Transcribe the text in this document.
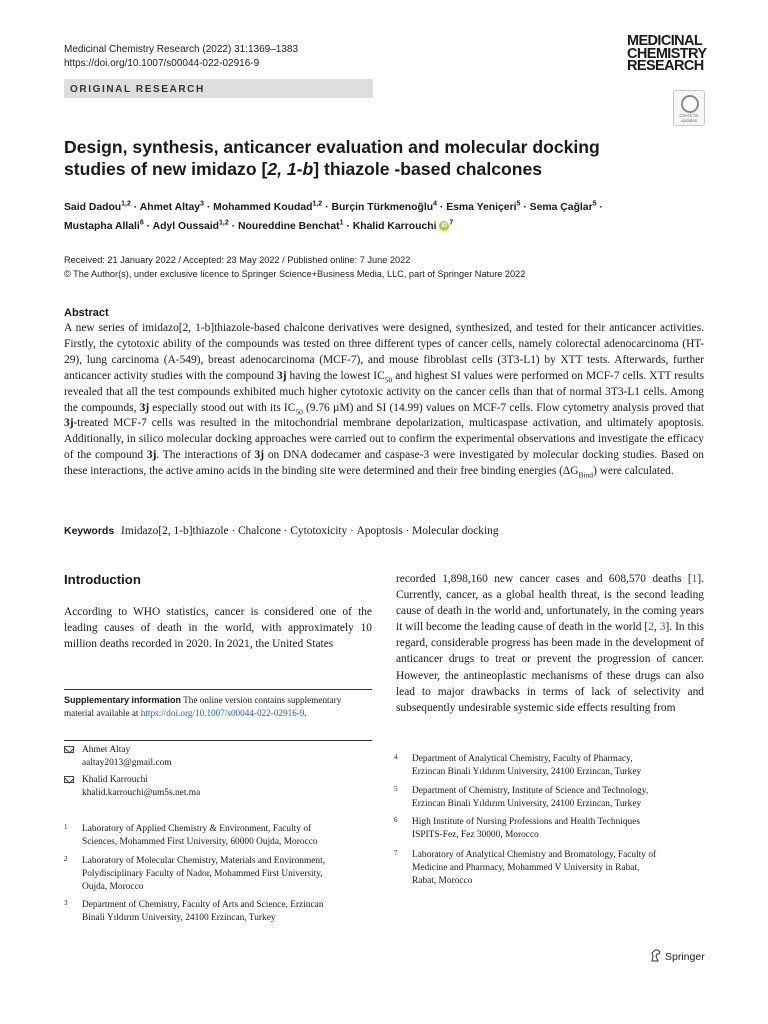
Medicinal Chemistry Research (2022) 31:1369–1383
https://doi.org/10.1007/s00044-022-02916-9
MEDICINAL
CHEMISTRY
RESEARCH
ORIGINAL RESEARCH
Check for updates
Design, synthesis, anticancer evaluation and molecular docking
studies of new imidazo [2, 1-b] thiazole -based chalcones
Said Dadou$^{1,2}$ · Ahmet Altay$^3$ · Mohammed Koudad$^{1,2}$ · Burçin Türkmenoğlu$^4$ · Esma Yeniçeri$^5$ · Sema Çağlar$^5$ ·
Mustapha Allali$^6$ · Adyl Oussaid$^{1,2}$ · Noureddine Benchat$^1$ · Khalid Karrouchi iD $^7$
Received: 21 January 2022 / Accepted: 23 May 2022 / Published online: 7 June 2022
© The Author(s), under exclusive licence to Springer Science+Business Media, LLC, part of Springer Nature 2022
Abstract
A new series of imidazo[2, 1-b]thiazole-based chalcone derivatives were designed, synthesized, and tested for their anticancer activities. Firstly, the cytotoxic ability of the compounds was tested on three different types of cancer cells, namely colorectal adenocarcinoma (HT-29), lung carcinoma (A-549), breast adenocarcinoma (MCF-7), and mouse fibroblast cells (3T3-L1) by XTT tests. Afterwards, further anticancer activity studies with the compound 3j having the lowest $IC_{50}$ and highest SI values were performed on MCF-7 cells. XTT results revealed that all the test compounds exhibited much higher cytotoxic activity on the cancer cells than that of normal 3T3-L1 cells. Among the compounds, 3j especially stood out with its $IC_{50}$ (9.76 µM) and SI (14.99) values on MCF-7 cells. Flow cytometry analysis proved that 3j-treated MCF-7 cells was resulted in the mitochondrial membrane depolarization, multicaspase activation, and ultimately apoptosis. Additionally, in silico molecular docking approaches were carried out to confirm the experimental observations and investigate the efficacy of the compound 3j. The interactions of 3j on DNA dodecamer and caspase-3 were investigated by molecular docking studies. Based on these interactions, the active amino acids in the binding site were determined and their free binding energies $(\Delta G_{Bind})$ were calculated.
Keywords Imidazo[2, 1-b]thiazole · Chalcone · Cytotoxicity · Apoptosis · Molecular docking
Introduction
According to WHO statistics, cancer is considered one of the leading causes of death in the world, with approximately 10 million deaths recorded in 2020. In 2021, the United States
recorded 1,898,160 new cancer cases and 608,570 deaths [1]. Currently, cancer, as a global health threat, is the second leading cause of death in the world and, unfortunately, in the coming years it will become the leading cause of death in the world [2, 3]. In this regard, considerable progress has been made in the development of anticancer drugs to treat or prevent the progression of cancer. However, the antineoplastic mechanisms of these drugs can also lead to major drawbacks in terms of lack of selectivity and subsequently undesirable systemic side effects resulting from
Supplementary information The online version contains supplementary material available at https://doi.org/10.1007/s00044-022-02916-9.
Ahmet Altay
aaltay2013@gmail.com
Khalid Karrouchi
khalid.karrouchi@um5s.net.ma
1 Laboratory of Applied Chemistry & Environment, Faculty of
Sciences, Mohammed First University, 60000 Oujda, Morocco
2 Laboratory of Molecular Chemistry, Materials and Environment,
Polydisciplinary Faculty of Nador, Mohammed First University,
Oujda, Morocco
3 Department of Chemistry, Faculty of Arts and Science, Erzincan
Binali Yıldırım University, 24100 Erzincan, Turkey
4 Department of Analytical Chemistry, Faculty of Pharmacy,
Erzincan Binali Yıldırım University, 24100 Erzincan, Turkey
5 Department of Chemistry, Institute of Science and Technology,
Erzincan Binali Yıldırım University, 24100 Erzincan, Turkey
6 High Institute of Nursing Professions and Health Techniques
ISPITS-Fez, Fez 30000, Morocco
7 Laboratory of Analytical Chemistry and Bromatology, Faculty of
Medicine and Pharmacy, Mohammed V University in Rabat,
Rabat, Morocco
Springer
